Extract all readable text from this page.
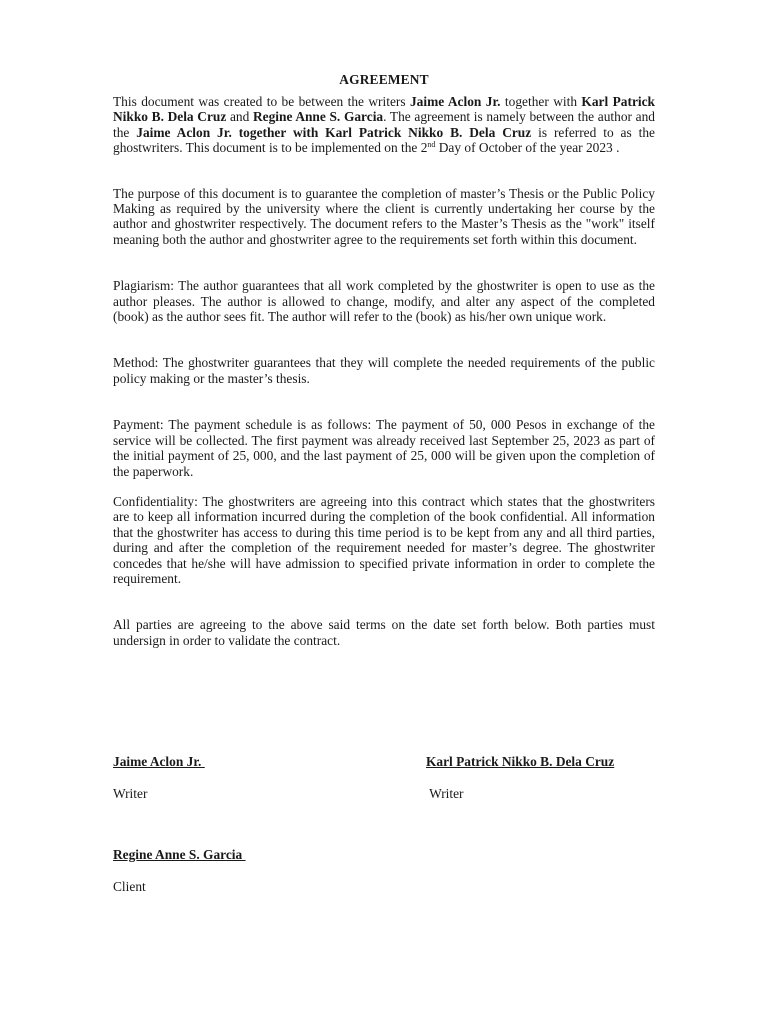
AGREEMENT

This document was created to be between the writers Jaime Aclon Jr. together with Karl Patrick Nikko B. Dela Cruz and Regine Anne S. Garcia. The agreement is namely between the author and the Jaime Aclon Jr. together with Karl Patrick Nikko B. Dela Cruz is referred to as the ghostwriters. This document is to be implemented on the 2nd Day of October of the year 2023 .

The purpose of this document is to guarantee the completion of master’s Thesis or the Public Policy Making as required by the university where the client is currently undertaking her course by the author and ghostwriter respectively. The document refers to the Master’s Thesis as the "work" itself meaning both the author and ghostwriter agree to the requirements set forth within this document.

Plagiarism: The author guarantees that all work completed by the ghostwriter is open to use as the author pleases. The author is allowed to change, modify, and alter any aspect of the completed (book) as the author sees fit. The author will refer to the (book) as his/her own unique work.

Method: The ghostwriter guarantees that they will complete the needed requirements of the public policy making or the master’s thesis.

Payment: The payment schedule is as follows: The payment of 50, 000 Pesos in exchange of the service will be collected. The first payment was already received last September 25, 2023 as part of the initial payment of 25, 000, and the last payment of 25, 000 will be given upon the completion of the paperwork.

Confidentiality: The ghostwriters are agreeing into this contract which states that the ghostwriters are to keep all information incurred during the completion of the book confidential. All information that the ghostwriter has access to during this time period is to be kept from any and all third parties, during and after the completion of the requirement needed for master’s degree. The ghostwriter concedes that he/she will have admission to specified private information in order to complete the requirement.

All parties are agreeing to the above said terms on the date set forth below. Both parties must undersign in order to validate the contract.

Jaime Aclon Jr.

Writer

Karl Patrick Nikko B. Dela Cruz

Writer

Regine Anne S. Garcia

Client
